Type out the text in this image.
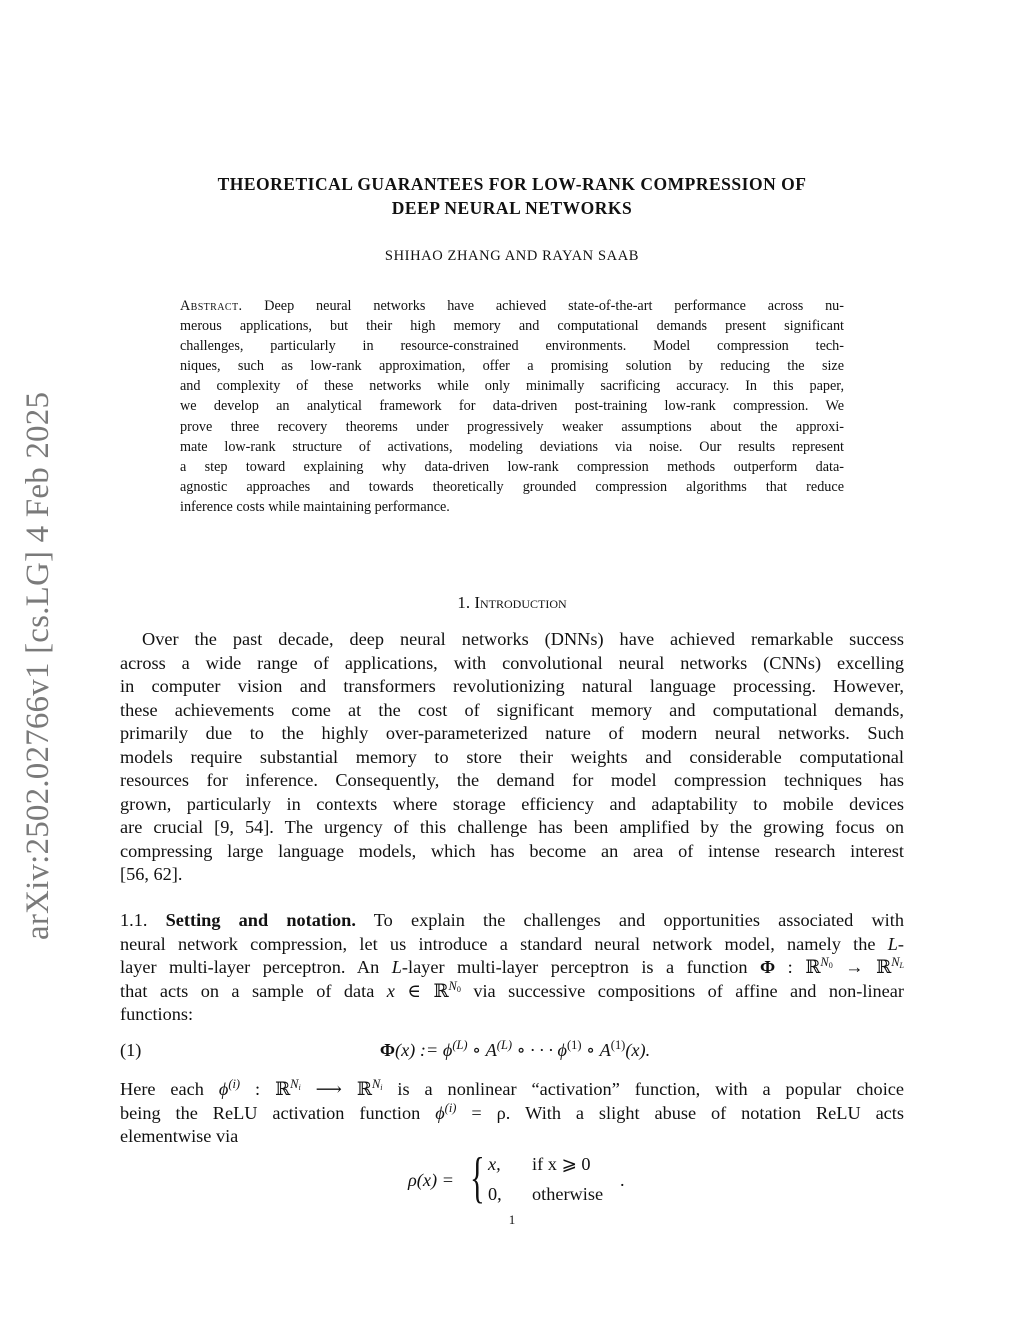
arXiv:2502.02766v1 [cs.LG] 4 Feb 2025
THEORETICAL GUARANTEES FOR LOW-RANK COMPRESSION OF
DEEP NEURAL NETWORKS
SHIHAO ZHANG AND RAYAN SAAB
Abstract. Deep neural networks have achieved state-of-the-art performance across nu-
merous applications, but their high memory and computational demands present significant
challenges, particularly in resource-constrained environments. Model compression tech-
niques, such as low-rank approximation, offer a promising solution by reducing the size
and complexity of these networks while only minimally sacrificing accuracy. In this paper,
we develop an analytical framework for data-driven post-training low-rank compression. We
prove three recovery theorems under progressively weaker assumptions about the approxi-
mate low-rank structure of activations, modeling deviations via noise. Our results represent
a step toward explaining why data-driven low-rank compression methods outperform data-
agnostic approaches and towards theoretically grounded compression algorithms that reduce
inference costs while maintaining performance.
1. Introduction
Over the past decade, deep neural networks (DNNs) have achieved remarkable success
across a wide range of applications, with convolutional neural networks (CNNs) excelling
in computer vision and transformers revolutionizing natural language processing. However,
these achievements come at the cost of significant memory and computational demands,
primarily due to the highly over-parameterized nature of modern neural networks. Such
models require substantial memory to store their weights and considerable computational
resources for inference. Consequently, the demand for model compression techniques has
grown, particularly in contexts where storage efficiency and adaptability to mobile devices
are crucial [9, 54]. The urgency of this challenge has been amplified by the growing focus on
compressing large language models, which has become an area of intense research interest
[56, 62].
1.1. Setting and notation. To explain the challenges and opportunities associated with
neural network compression, let us introduce a standard neural network model, namely the L-
layer multi-layer perceptron. An L-layer multi-layer perceptron is a function Φ : ℝ$^{N_0}$ → ℝ$^{N_L}$
that acts on a sample of data x ∈ ℝ$^{N_0}$ via successive compositions of affine and non-linear
functions:
(1)	Φ(x) := $\phi^{(L)}$ ∘ $A^{(L)}$ ∘ · · · $\phi^{(1)}$ ∘ $A^{(1)}(x)$.
Here each $\phi^{(i)}$ : ℝ$^{N_i}$ ⟶ ℝ$^{N_i}$ is a nonlinear “activation” function, with a popular choice
being the ReLU activation function $\phi^{(i)} = \rho$. With a slight abuse of notation ReLU acts
elementwise via
ρ(x) = { x, if x ⩾ 0
0, otherwise
.
1
